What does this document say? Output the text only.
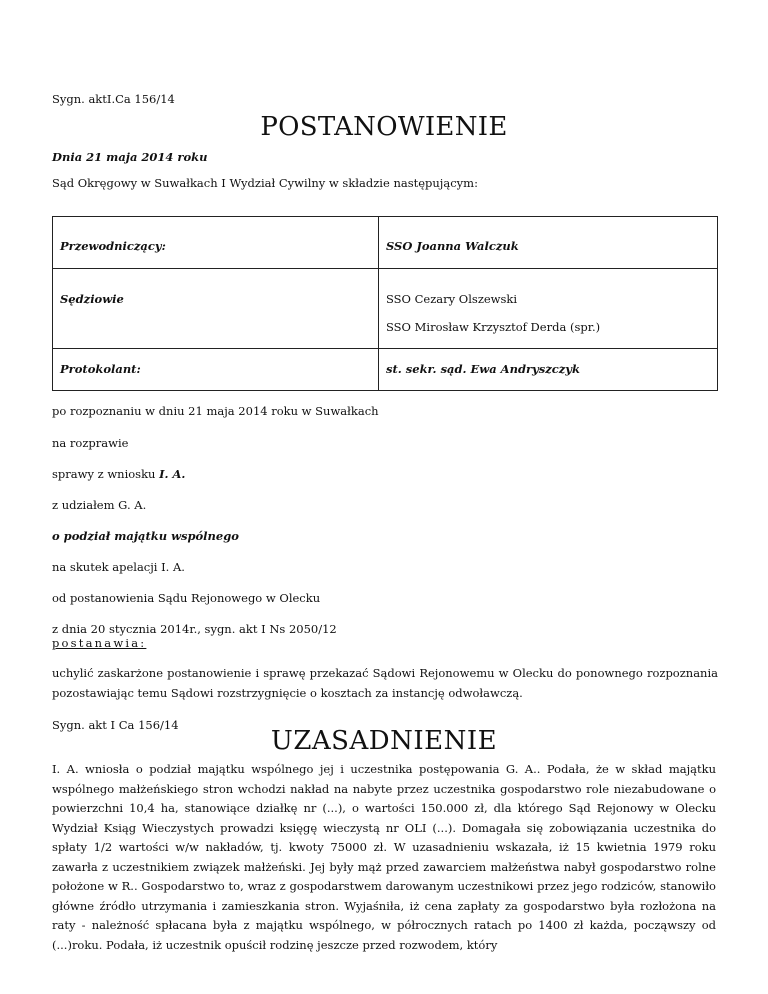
Sygn. aktI.Ca 156/14
POSTANOWIENIE
Dnia 21 maja 2014 roku
Sąd Okręgowy w Suwałkach I Wydział Cywilny w składzie następującym:
Przewodniczący:	SSO Joanna Walczuk
Sędziowie	SSO Cezary Olszewski
SSO Mirosław Krzysztof Derda (spr.)

Protokolant:	st. sekr. sąd. Ewa Andryszczyk
po rozpoznaniu w dniu 21 maja 2014 roku w Suwałkach
na rozprawie
sprawy z wniosku I. A.
z udziałem G. A.
o podział majątku wspólnego
na skutek apelacji I. A.
od postanowienia Sądu Rejonowego w Olecku
z dnia 20 stycznia 2014r., sygn. akt I Ns 2050/12
postanawia:
uchylić zaskarżone postanowienie i sprawę przekazać Sądowi Rejonowemu w Olecku do ponownego rozpoznania pozostawiając temu Sądowi rozstrzygnięcie o kosztach za instancję odwoławczą.
Sygn. akt I Ca 156/14
UZASADNIENIE
I. A. wniosła o podział majątku wspólnego jej i uczestnika postępowania G. A.. Podała, że w skład majątku wspólnego małżeńskiego stron wchodzi nakład na nabyte przez uczestnika gospodarstwo role niezabudowane o powierzchni 10,4 ha, stanowiące działkę nr (...), o wartości 150.000 zł, dla którego Sąd Rejonowy w Olecku Wydział Ksiąg Wieczystych prowadzi księgę wieczystą nr OLI (...). Domagała się zobowiązania uczestnika do spłaty 1/2 wartości w/w nakładów, tj. kwoty 75000 zł. W uzasadnieniu wskazała, iż 15 kwietnia 1979 roku zawarła z uczestnikiem związek małżeński. Jej były mąż przed zawarciem małżeństwa nabył gospodarstwo rolne położone w R.. Gospodarstwo to, wraz z gospodarstwem darowanym uczestnikowi przez jego rodziców, stanowiło główne źródło utrzymania i zamieszkania stron. Wyjaśniła, iż cena zapłaty za gospodarstwo była rozłożona na raty - należność spłacana była z majątku wspólnego, w półrocznych ratach po 1400 zł każda, począwszy od (...)roku. Podała, iż uczestnik opuścił rodzinę jeszcze przed rozwodem, który
